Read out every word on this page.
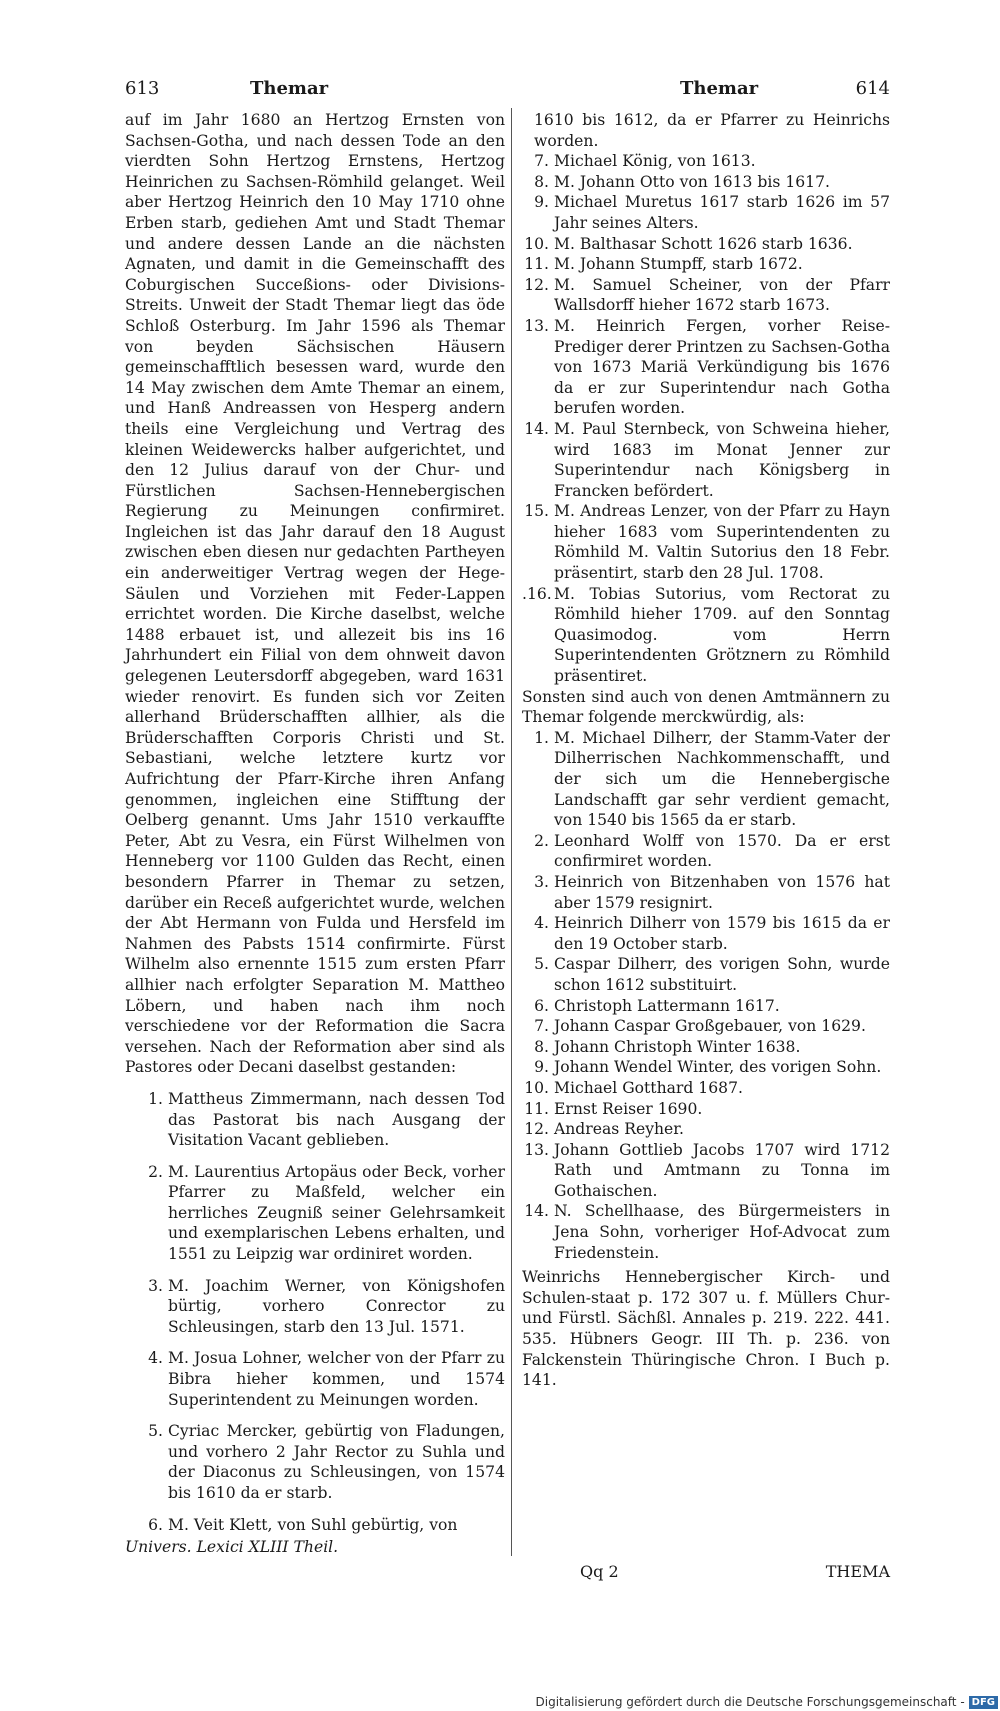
613	Themar	Themar	614

auf im Jahr 1680 an Hertzog Ernsten von Sachsen-Gotha, und nach dessen Tode an den vierdten Sohn Hertzog Ernstens, Hertzog Heinrichen zu Sachsen-Römhild gelanget. Weil aber Hertzog Heinrich den 10 May 1710 ohne Erben starb, gediehen Amt und Stadt Themar und andere dessen Lande an die nächsten Agnaten, und damit in die Gemeinschafft des Coburgischen Succeßions- oder Divisions-Streits. Unweit der Stadt Themar liegt das öde Schloß Osterburg. Im Jahr 1596 als Themar von beyden Sächsischen Häusern gemeinschafftlich besessen ward, wurde den 14 May zwischen dem Amte Themar an einem, und Hanß Andreassen von Hesperg andern theils eine Vergleichung und Vertrag des kleinen Weidewercks halber aufgerichtet, und den 12 Julius darauf von der Chur- und Fürstlichen Sachsen-Hennebergischen Regierung zu Meinungen confirmiret. Ingleichen ist das Jahr darauf den 18 August zwischen eben diesen nur gedachten Partheyen ein anderweitiger Vertrag wegen der Hege-Säulen und Vorziehen mit Feder-Lappen errichtet worden. Die Kirche daselbst, welche 1488 erbauet ist, und allezeit bis ins 16 Jahrhundert ein Filial von dem ohnweit davon gelegenen Leutersdorff abgegeben, ward 1631 wieder renovirt. Es funden sich vor Zeiten allerhand Brüderschafften allhier, als die Brüderschafften Corporis Christi und St. Sebastiani, welche letztere kurtz vor Aufrichtung der Pfarr-Kirche ihren Anfang genommen, ingleichen eine Stifftung der Oelberg genannt. Ums Jahr 1510 verkauffte Peter, Abt zu Vesra, ein Fürst Wilhelmen von Henneberg vor 1100 Gulden das Recht, einen besondern Pfarrer in Themar zu setzen, darüber ein Receß aufgerichtet wurde, welchen der Abt Hermann von Fulda und Hersfeld im Nahmen des Pabsts 1514 confirmirte. Fürst Wilhelm also ernennte 1515 zum ersten Pfarr allhier nach erfolgter Separation M. Mattheo Löbern, und haben nach ihm noch verschiedene vor der Reformation die Sacra versehen. Nach der Reformation aber sind als Pastores oder Decani daselbst gestanden:

1. Mattheus Zimmermann, nach dessen Tod das Pastorat bis nach Ausgang der Visitation Vacant geblieben.
2. M. Laurentius Artopäus oder Beck, vorher Pfarrer zu Maßfeld, welcher ein herrliches Zeugniß seiner Gelehrsamkeit und exemplarischen Lebens erhalten, und 1551 zu Leipzig war ordiniret worden.
3. M. Joachim Werner, von Königshofen bürtig, vorhero Conrector zu Schleusingen, starb den 13 Jul. 1571.
4. M. Josua Lohner, welcher von der Pfarr zu Bibra hieher kommen, und 1574 Superintendent zu Meinungen worden.
5. Cyriac Mercker, gebürtig von Fladungen, und vorhero 2 Jahr Rector zu Suhla und der Diaconus zu Schleusingen, von 1574 bis 1610 da er starb.
6. M. Veit Klett, von Suhl gebürtig, von
Univers. Lexici XLIII Theil.

1610 bis 1612, da er Pfarrer zu Heinrichs worden.

7. Michael König, von 1613.
8. M. Johann Otto von 1613 bis 1617.
9. Michael Muretus 1617 starb 1626 im 57 Jahr seines Alters.
10. M. Balthasar Schott 1626 starb 1636.
11. M. Johann Stumpff, starb 1672.
12. M. Samuel Scheiner, von der Pfarr Wallsdorff hieher 1672 starb 1673.
13. M. Heinrich Fergen, vorher Reise-Prediger derer Printzen zu Sachsen-Gotha von 1673 Mariä Verkündigung bis 1676 da er zur Superintendur nach Gotha berufen worden.
14. M. Paul Sternbeck, von Schweina hieher, wird 1683 im Monat Jenner zur Superintendur nach Königsberg in Francken befördert.
15. M. Andreas Lenzer, von der Pfarr zu Hayn hieher 1683 vom Superintendenten zu Römhild M. Valtin Sutorius den 18 Febr. präsentirt, starb den 28 Jul. 1708.
.16. M. Tobias Sutorius, vom Rectorat zu Römhild hieher 1709. auf den Sonntag Quasimodog. vom Herrn Superintendenten Grötznern zu Römhild präsentiret.

Sonsten sind auch von denen Amtmännern zu Themar folgende merckwürdig, als:

1. M. Michael Dilherr, der Stamm-Vater der Dilherrischen Nachkommenschafft, und der sich um die Hennebergische Landschafft gar sehr verdient gemacht, von 1540 bis 1565 da er starb.
2. Leonhard Wolff von 1570. Da er erst confirmiret worden.
3. Heinrich von Bitzenhaben von 1576 hat aber 1579 resignirt.
4. Heinrich Dilherr von 1579 bis 1615 da er den 19 October starb.
5. Caspar Dilherr, des vorigen Sohn, wurde schon 1612 substituirt.
6. Christoph Lattermann 1617.
7. Johann Caspar Großgebauer, von 1629.
8. Johann Christoph Winter 1638.
9. Johann Wendel Winter, des vorigen Sohn.
10. Michael Gotthard 1687.
11. Ernst Reiser 1690.
12. Andreas Reyher.
13. Johann Gottlieb Jacobs 1707 wird 1712 Rath und Amtmann zu Tonna im Gothaischen.
14. N. Schellhaase, des Bürgermeisters in Jena Sohn, vorheriger Hof-Advocat zum Friedenstein.

Weinrichs Hennebergischer Kirch- und Schulen-staat p. 172 307 u. f. Müllers Chur- und Fürstl. Sächßl. Annales p. 219. 222. 441. 535. Hübners Geogr. III Th. p. 236. von Falckenstein Thüringische Chron. I Buch p. 141.

Qq 2	THEMA
Digitalisierung gefördert durch die Deutsche Forschungsgemeinschaft - DFG
